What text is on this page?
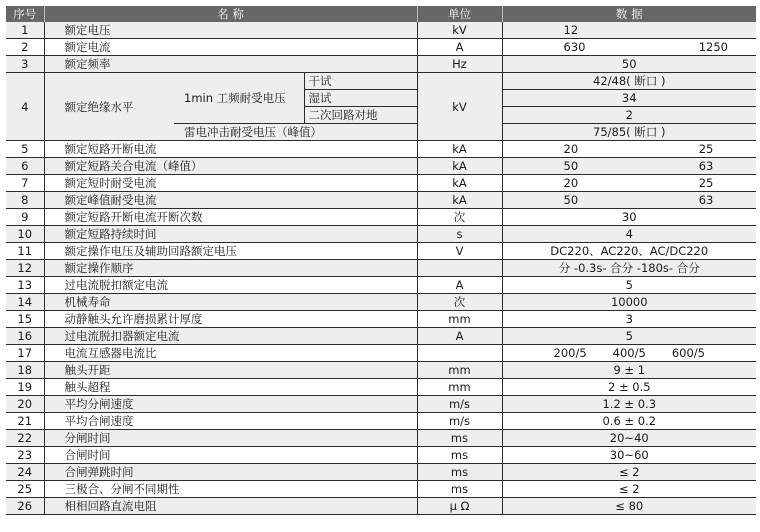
序号	名 称			单位	数 据
1	额定电压			kV	12

2	额定电流			A	630 1250

3	额定频率			Hz	50
4	额定绝缘水平	1min 工频耐受电压	干试	kV	42/48( 断口 )
			湿试		34
			二次回路对地		2
		雷电冲击耐受电压（峰值）			75/85( 断口 )
5	额定短路开断电流			kA	20 25

6	额定短路关合电流（峰值）			kA	50 63

7	额定短时耐受电流			kA	20 25

8	额定峰值耐受电流			kA	50 63

9	额定短路开断电流开断次数			次	30
10	额定短路持续时间			s	4
11	额定操作电压及辅助回路额定电压			V	DC220、AC220、AC/DC220
12	额定操作顺序				分 -0.3s- 合分 -180s- 合分
13	过电流脱扣额定电流			A	5
14	机械寿命			次	10000
15	动静触头允许磨损累计厚度			mm	3
16	过电流脱扣器额定电流			A	5
17	电流互感器电流比				200/5 400/5 600/5

18	触头开距			mm	9 ± 1
19	触头超程			mm	2 ± 0.5
20	平均分闸速度			m/s	1.2 ± 0.3
21	平均合闸速度			m/s	0.6 ± 0.2
22	分闸时间			ms	20~40
23	合闸时间			ms	30~60
24	合闸弹跳时间			ms	≤ 2
25	三极合、分闸不同期性			ms	≤ 2
26	相相回路直流电阻			μ Ω	≤ 80
